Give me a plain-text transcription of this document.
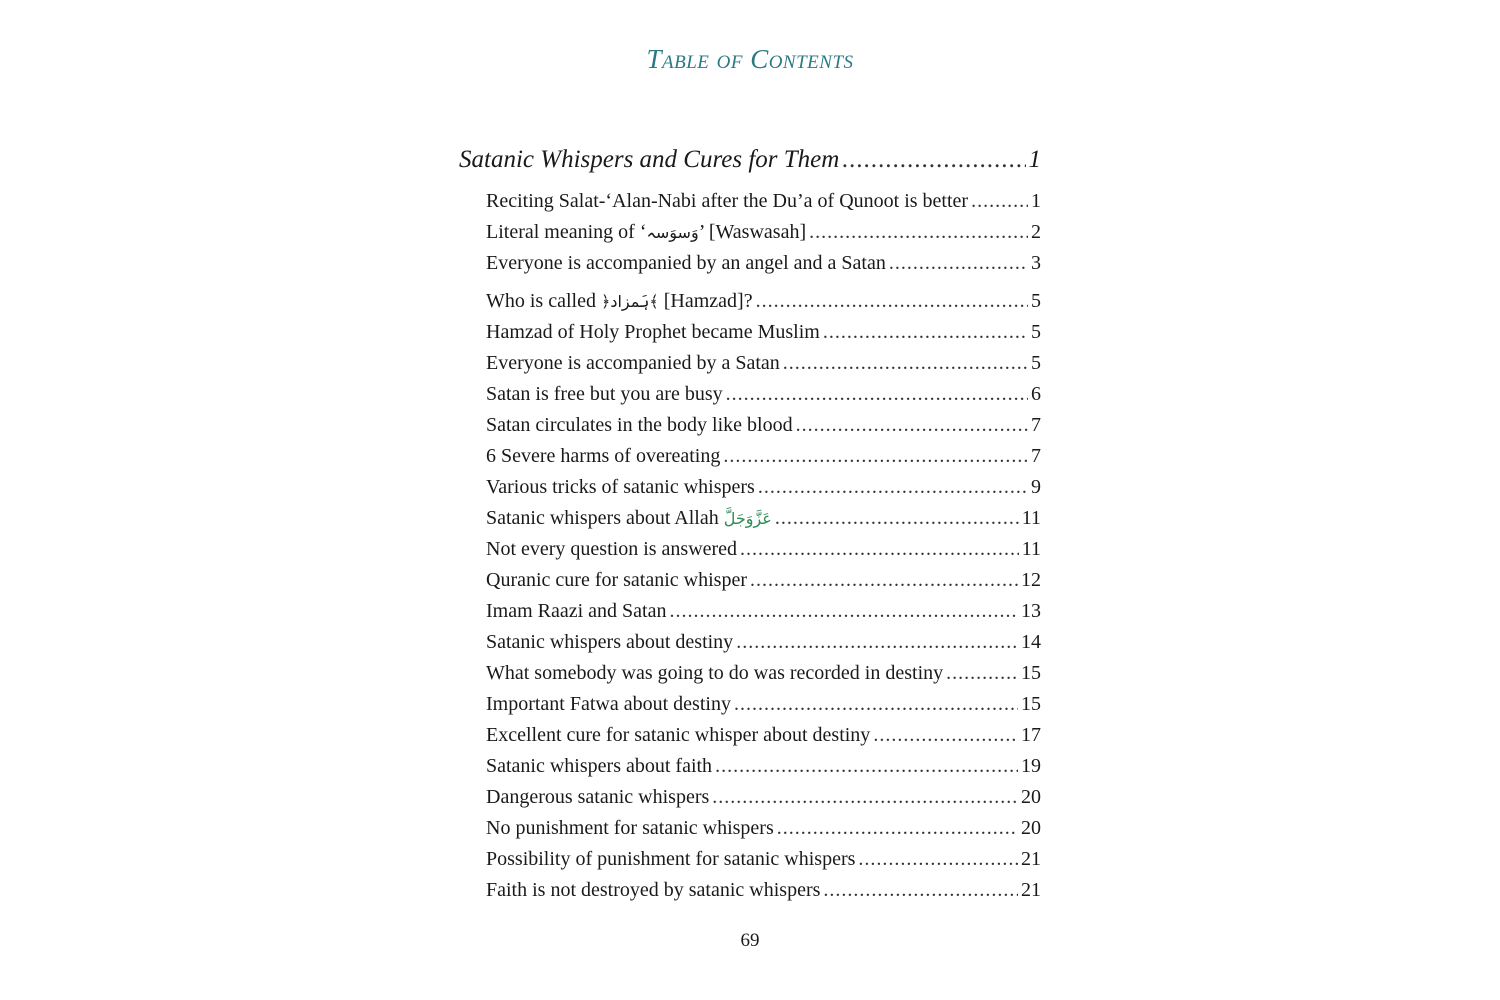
Table of Contents
Satanic Whispers and Cures for Them .....	1
Reciting Salat-‘Alan-Nabi after the Du’a of Qunoot is better .....	1
Literal meaning of ‘وَسوَسہ’ [Waswasah] .....	2
Everyone is accompanied by an angel and a Satan .....	3
Who is called ﴿ہَمزاد﴾ [Hamzad]? .....	5
Hamzad of Holy Prophet became Muslim .....	5
Everyone is accompanied by a Satan .....	5
Satan is free but you are busy .....	6
Satan circulates in the body like blood .....	7
6 Severe harms of overeating .....	7
Various tricks of satanic whispers .....	9
Satanic whispers about Allah عَزَّوَجَلَّ .....	11
Not every question is answered .....	11
Quranic cure for satanic whisper .....	12
Imam Raazi and Satan .....	13
Satanic whispers about destiny .....	14
What somebody was going to do was recorded in destiny .....	15
Important Fatwa about destiny .....	15
Excellent cure for satanic whisper about destiny .....	17
Satanic whispers about faith .....	19
Dangerous satanic whispers .....	20
No punishment for satanic whispers .....	20
Possibility of punishment for satanic whispers .....	21
Faith is not destroyed by satanic whispers .....	21
69
